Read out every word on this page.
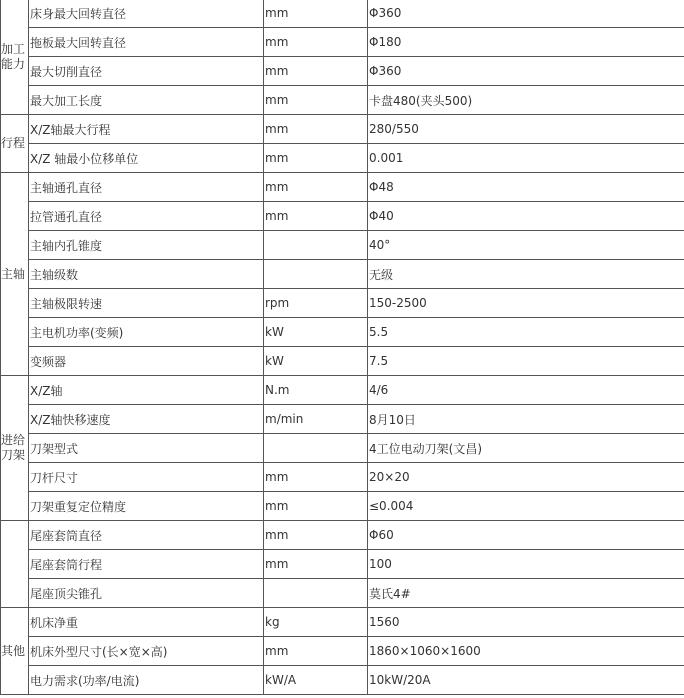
加工能力	床身最大回转直径	mm	Φ360
	拖板最大回转直径	mm	Φ180
	最大切削直径	mm	Φ360
	最大加工长度	mm	卡盘480(夹头500)
行程	X/Z轴最大行程	mm	280/550
	X/Z 轴最小位移单位	mm	0.001
主轴	主轴通孔直径	mm	Φ48
	拉管通孔直径	mm	Φ40
	主轴内孔锥度		40°
	主轴级数		无级
	主轴极限转速	rpm	150-2500
	主电机功率(变频)	kW	5.5
	变频器	kW	7.5
进给刀架	X/Z轴	N.m	4/6
	X/Z轴快移速度	m/min	8月10日
	刀架型式		4工位电动刀架(文昌)
	刀杆尺寸	mm	20×20
	刀架重复定位精度	mm	≤0.004
	尾座套筒直径	mm	Φ60
	尾座套筒行程	mm	100
	尾座顶尖锥孔		莫氏4#
其他	机床净重	kg	1560
	机床外型尺寸(长×宽×高)	mm	1860×1060×1600
	电力需求(功率/电流)	kW/A	10kW/20A
